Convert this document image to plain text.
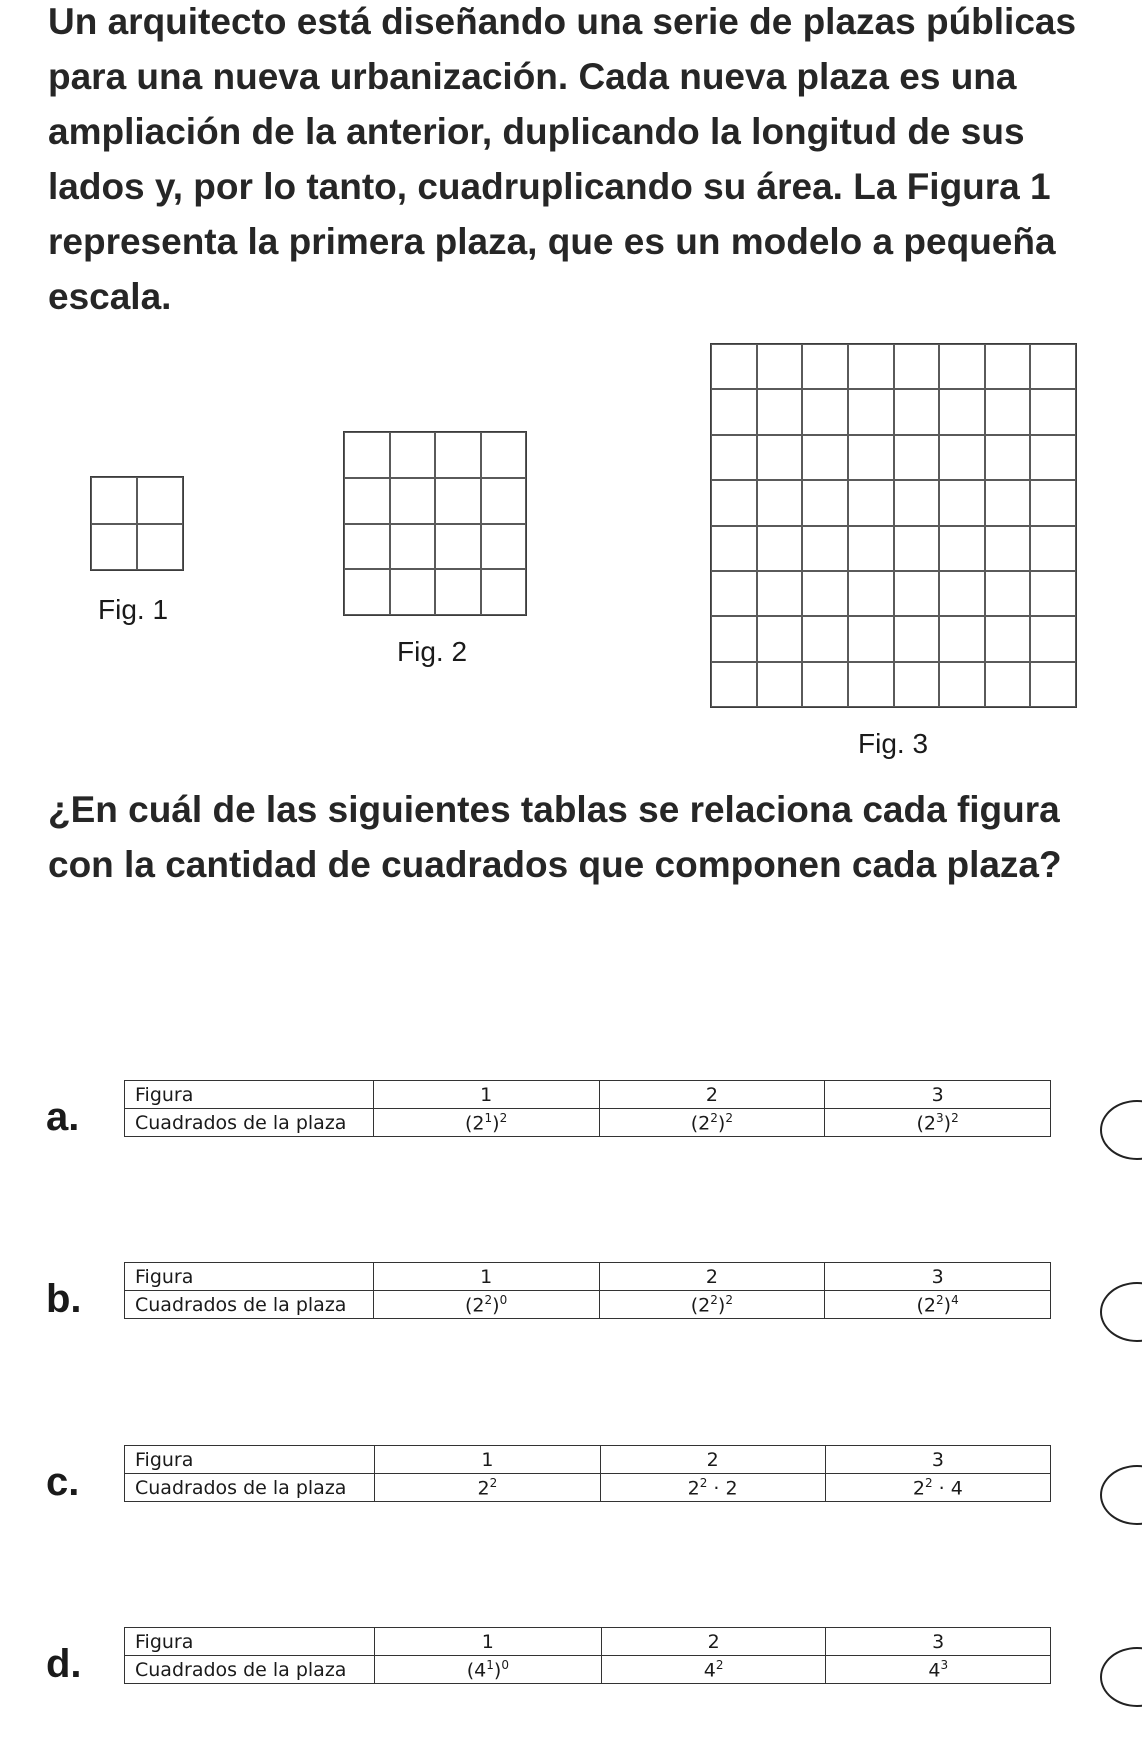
Un arquitecto está diseñando una serie de plazas públicas para una nueva urbanización. Cada nueva plaza es una ampliación de la anterior, duplicando la longitud de sus lados y, por lo tanto, cuadruplicando su área. La Figura 1 representa la primera plaza, que es un modelo a pequeña escala.
Fig. 1
Fig. 2
Fig. 3
¿En cuál de las siguientes tablas se relaciona cada figura con la cantidad de cuadrados que componen cada plaza?
a.
Figura	1	2	3
Cuadrados de la plaza	$(2^1)^2$	$(2^2)^2$	$(2^3)^2$
b.
Figura	1	2	3
Cuadrados de la plaza	$(2^2)^0$	$(2^2)^2$	$(2^2)^4$
c.
Figura	1	2	3
Cuadrados de la plaza	$2^2$	$2^2 \cdot 2$	$2^2 \cdot 4$
d.
Figura	1	2	3
Cuadrados de la plaza	$(4^1)^0$	$4^2$	$4^3$
